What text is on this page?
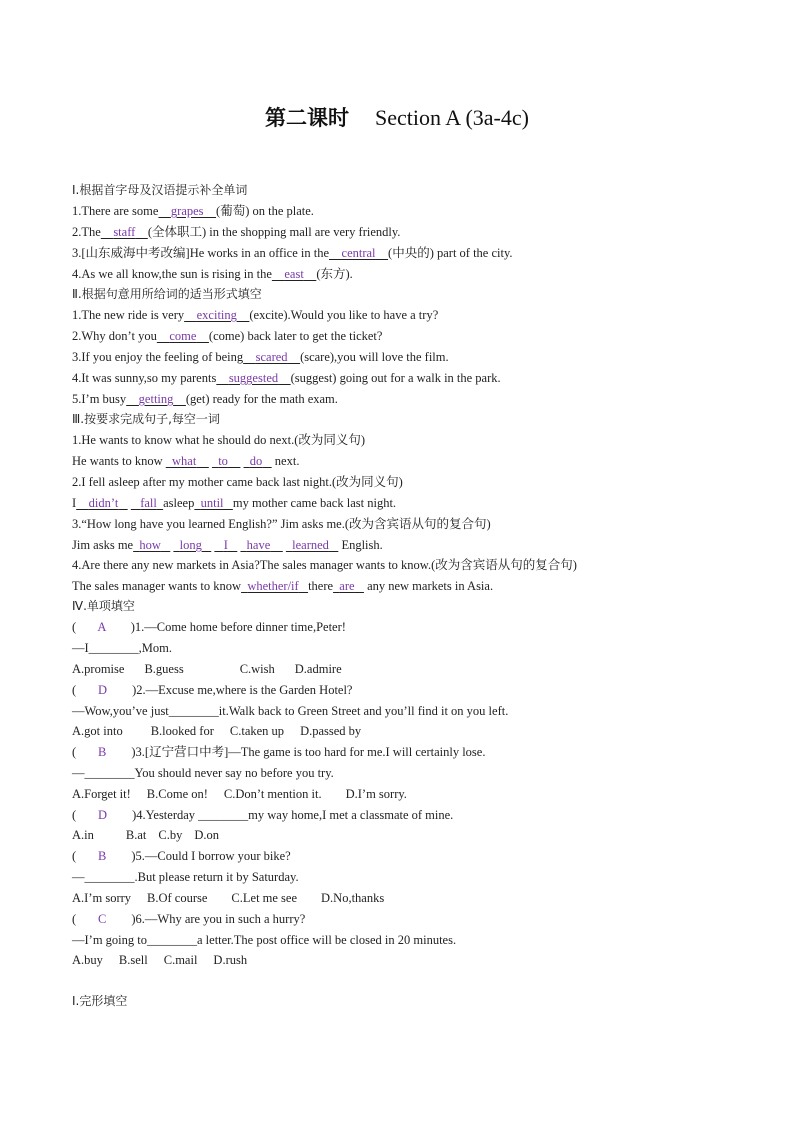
第二课时 Section A (3a-4c)
Ⅰ.根据首字母及汉语提示补全单词
1.There are some grapes (葡萄) on the plate.
2.The staff (全体职工) in the shopping mall are very friendly.
3.[山东威海中考改编]He works in an office in the central (中央的) part of the city.
4.As we all know,the sun is rising in the east (东方).
Ⅱ.根据句意用所给词的适当形式填空
1.The new ride is very exciting (excite).Would you like to have a try?
2.Why don’t you come (come) back later to get the ticket?
3.If you enjoy the feeling of being scared (scare),you will love the film.
4.It was sunny,so my parents suggested (suggest) going out for a walk in the park.
5.I’m busy getting (get) ready for the math exam.
Ⅲ.按要求完成句子,每空一词
1.He wants to know what he should do next.(改为同义句)
He wants to know   what to do    next.
2.I fell asleep after my mother came back last night.(改为同义句)
I didn’t fall asleep until my mother came back last night.
3.“How long have you learned English?” Jim asks me.(改为含宾语从句的复合句)
Jim asks me how long I have learned    English.
4.Are there any new markets in Asia?The sales manager wants to know.(改为含宾语从句的复合句)
The sales manager wants to know whether/if there are    any new markets in Asia.
Ⅳ.单项填空
( A )1.—Come home before dinner time,Peter!
—I________,Mom.
A.promise B.guess	C.wish D.admire
( D )2.—Excuse me,where is the Garden Hotel?
—Wow,you’ve just________it.Walk back to Green Street and you’ll find it on you left.
A.got into B.looked for C.taken up D.passed by
( B )3.[辽宁营口中考]—The game is too hard for me.I will certainly lose.
—________You should never say no before you try.
A.Forget it! B.Come on! C.Don’t mention it. D.I’m sorry.
( D )4.Yesterday ________my way home,I met a classmate of mine.
A.in	B.at C.by D.on
( B )5.—Could I borrow your bike?
—________.But please return it by Saturday.
A.I’m sorry B.Of course C.Let me see D.No,thanks
( C )6.—Why are you in such a hurry?
—I’m going to________a letter.The post office will be closed in 20 minutes.
A.buy B.sell C.mail D.rush
Ⅰ.完形填空
